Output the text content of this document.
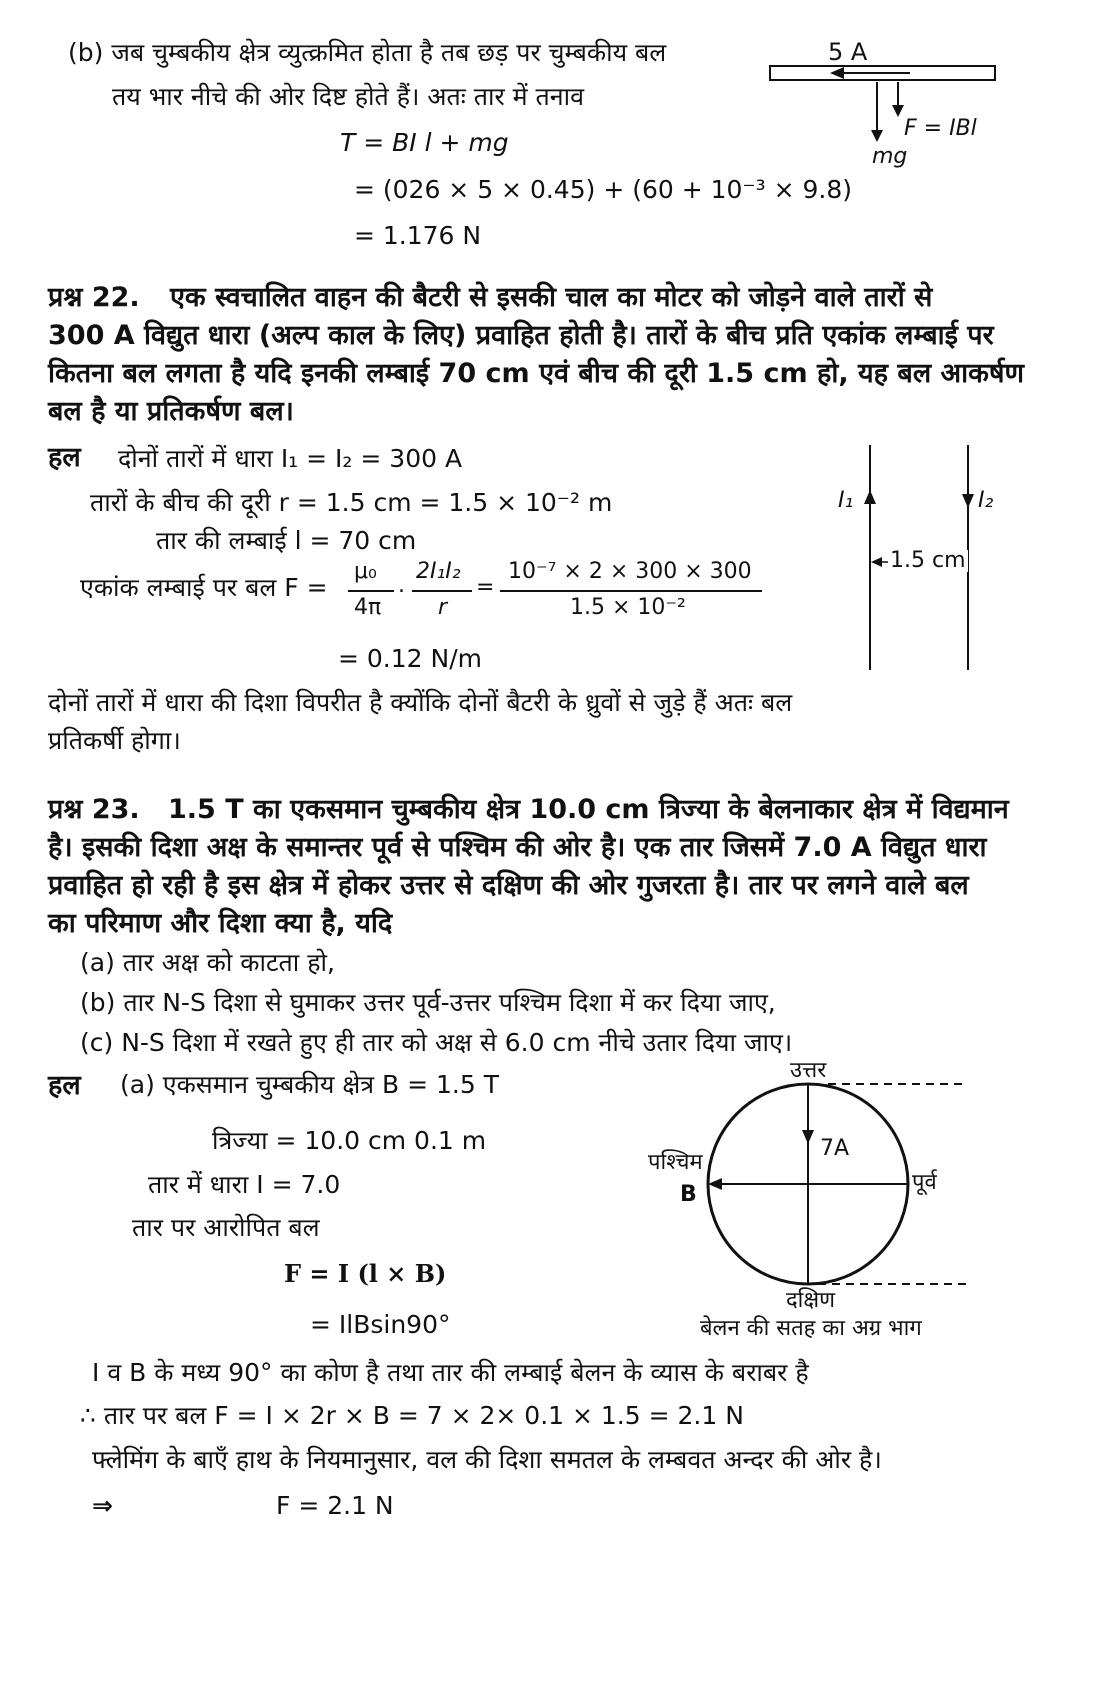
(b) जब चुम्बकीय क्षेत्र व्युत्क्रमित होता है तब छड़ पर चुम्बकीय बल
तय भार नीचे की ओर दिष्ट होते हैं। अतः तार में तनाव
T = BI l + mg
= (026 × 5 × 0.45) + (60 + 10⁻³ × 9.8)
= 1.176 N
5 A
F = IBl
mg
प्रश्न 22. एक स्वचालित वाहन की बैटरी से इसकी चाल का मोटर को जोड़ने वाले तारों से
300 A विद्युत धारा (अल्प काल के लिए) प्रवाहित होती है। तारों के बीच प्रति एकांक लम्बाई पर
कितना बल लगता है यदि इनकी लम्बाई 70 cm एवं बीच की दूरी 1.5 cm हो, यह बल आकर्षण
बल है या प्रतिकर्षण बल।
हल दोनों तारों में धारा I₁ = I₂ = 300 A
तारों के बीच की दूरी r = 1.5 cm = 1.5 × 10⁻² m
तार की लम्बाई l = 70 cm
एकांक लम्बाई पर बल F =
μ₀
4π
.
2I₁I₂
r
=
10⁻⁷ × 2 × 300 × 300
1.5 × 10⁻²
= 0.12 N/m
दोनों तारों में धारा की दिशा विपरीत है क्योंकि दोनों बैटरी के ध्रुवों से जुड़े हैं अतः बल
प्रतिकर्षी होगा।
I₁	I₂
1.5 cm
प्रश्न 23. 1.5 T का एकसमान चुम्बकीय क्षेत्र 10.0 cm त्रिज्या के बेलनाकार क्षेत्र में विद्यमान
है। इसकी दिशा अक्ष के समान्तर पूर्व से पश्चिम की ओर है। एक तार जिसमें 7.0 A विद्युत धारा
प्रवाहित हो रही है इस क्षेत्र में होकर उत्तर से दक्षिण की ओर गुजरता है। तार पर लगने वाले बल
का परिमाण और दिशा क्या है, यदि
(a) तार अक्ष को काटता हो,
(b) तार N-S दिशा से घुमाकर उत्तर पूर्व-उत्तर पश्चिम दिशा में कर दिया जाए,
(c) N-S दिशा में रखते हुए ही तार को अक्ष से 6.0 cm नीचे उतार दिया जाए।
हल (a) एकसमान चुम्बकीय क्षेत्र B = 1.5 T
त्रिज्या = 10.0 cm 0.1 m
तार में धारा I = 7.0
तार पर आरोपित बल
F = I (l × B)
= IlBsin90°
उत्तर
दक्षिण
पश्चिम
पूर्व
B
7A
बेलन की सतह का अग्र भाग
I व B के मध्य 90° का कोण है तथा तार की लम्बाई बेलन के व्यास के बराबर है
∴ तार पर बल F = I × 2r × B = 7 × 2× 0.1 × 1.5 = 2.1 N
फ्लेमिंग के बाएँ हाथ के नियमानुसार, वल की दिशा समतल के लम्बवत अन्दर की ओर है।
⇒	F = 2.1 N
